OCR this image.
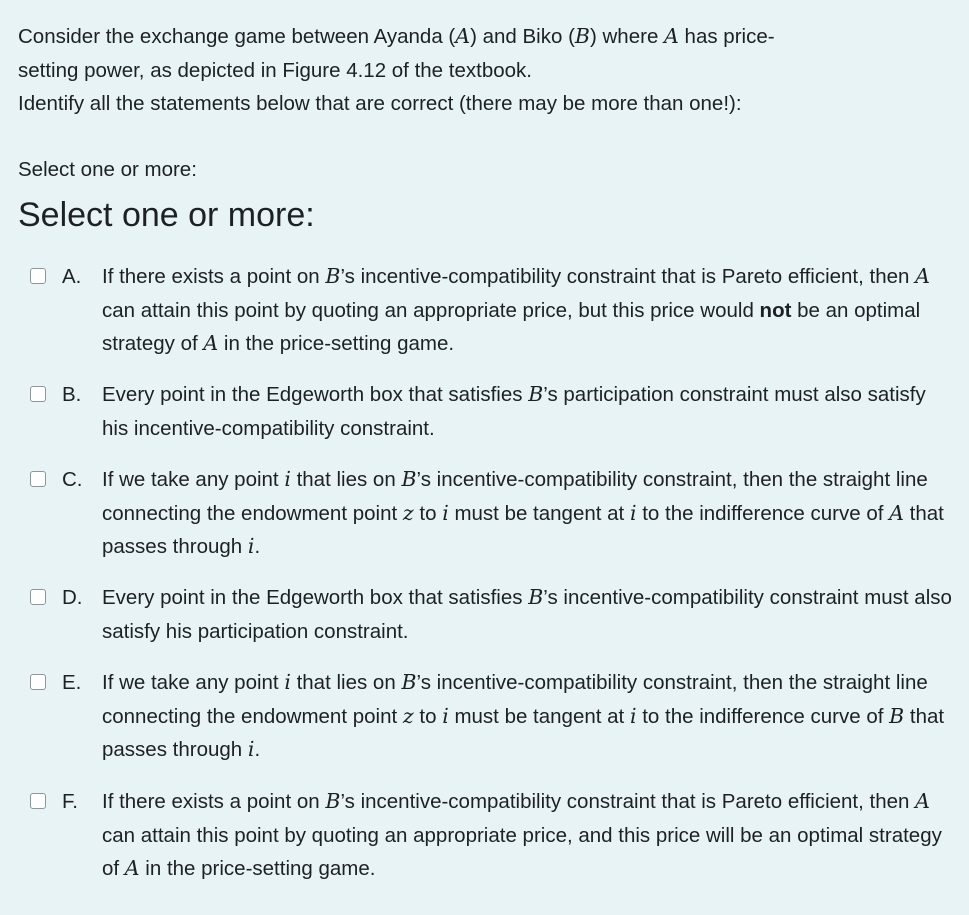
Consider the exchange game between Ayanda (A) and Biko (B) where A has price-

setting power, as depicted in Figure 4.12 of the textbook.

Identify all the statements below that are correct (there may be more than one!):

Select one or more:
Select one or more:
A. If there exists a point on B’s incentive-compatibility constraint that is Pareto efficient, then A can attain this point by quoting an appropriate price, but this price would not be an optimal strategy of A in the price-setting game.
B. Every point in the Edgeworth box that satisfies B’s participation constraint must also satisfy his incentive-compatibility constraint.
C. If we take any point i that lies on B’s incentive-compatibility constraint, then the straight line connecting the endowment point z to i must be tangent at i to the indifference curve of A that passes through i.
D. Every point in the Edgeworth box that satisfies B’s incentive-compatibility constraint must also satisfy his participation constraint.
E. If we take any point i that lies on B’s incentive-compatibility constraint, then the straight line connecting the endowment point z to i must be tangent at i to the indifference curve of B that passes through i.
F. If there exists a point on B’s incentive-compatibility constraint that is Pareto efficient, then A can attain this point by quoting an appropriate price, and this price will be an optimal strategy of A in the price-setting game.
